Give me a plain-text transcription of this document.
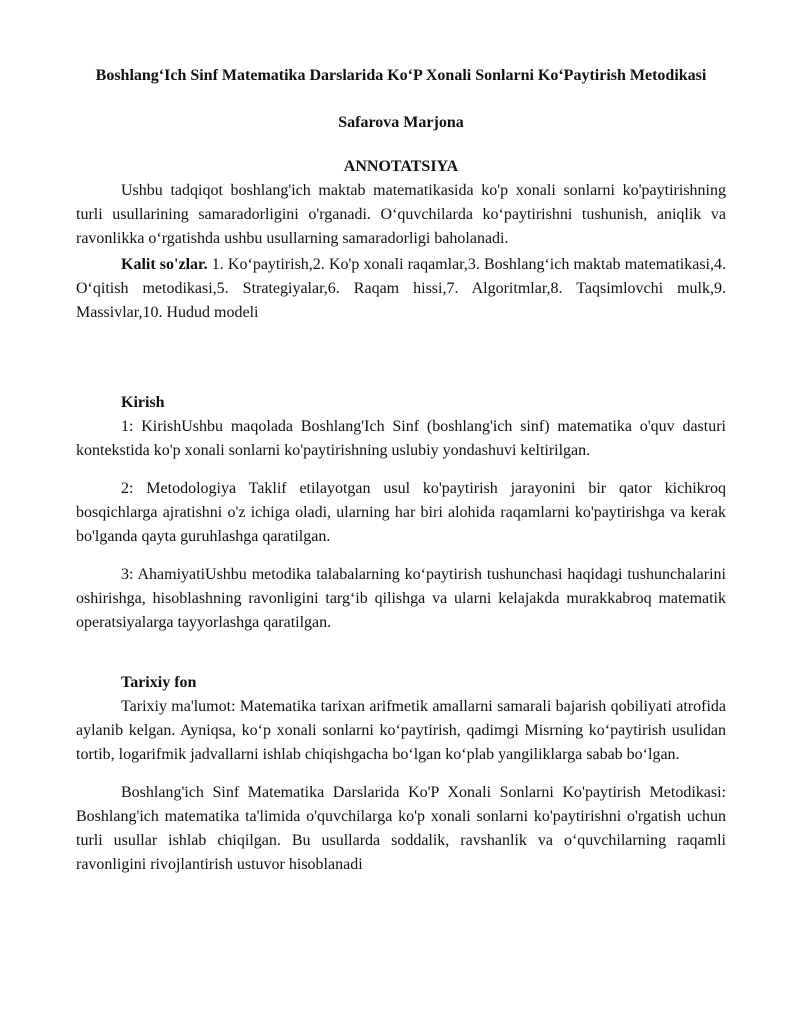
Boshlang‘Ich Sinf Matematika Darslarida Ko‘P Xonali Sonlarni Ko‘Paytirish Metodikasi
Safarova Marjona
ANNOTATSIYA

Ushbu tadqiqot boshlang'ich maktab matematikasida ko'p xonali sonlarni ko'paytirishning turli usullarining samaradorligini o'rganadi. O‘quvchilarda ko‘paytirishni tushunish, aniqlik va ravonlikka o‘rgatishda ushbu usullarning samaradorligi baholanadi.

Kalit so'zlar. 1. Ko‘paytirish,2. Ko'p xonali raqamlar,3. Boshlang‘ich maktab matematikasi,4. O‘qitish metodikasi,5. Strategiyalar,6. Raqam hissi,7. Algoritmlar,8. Taqsimlovchi mulk,9. Massivlar,10. Hudud modeli

Kirish

1: KirishUshbu maqolada Boshlang'Ich Sinf (boshlang'ich sinf) matematika o'quv dasturi kontekstida ko'p xonali sonlarni ko'paytirishning uslubiy yondashuvi keltirilgan.

2: Metodologiya Taklif etilayotgan usul ko'paytirish jarayonini bir qator kichikroq bosqichlarga ajratishni o'z ichiga oladi, ularning har biri alohida raqamlarni ko'paytirishga va kerak bo'lganda qayta guruhlashga qaratilgan.

3: AhamiyatiUshbu metodika talabalarning ko‘paytirish tushunchasi haqidagi tushunchalarini oshirishga, hisoblashning ravonligini targ‘ib qilishga va ularni kelajakda murakkabroq matematik operatsiyalarga tayyorlashga qaratilgan.

Tarixiy fon

Tarixiy ma'lumot: Matematika tarixan arifmetik amallarni samarali bajarish qobiliyati atrofida aylanib kelgan. Ayniqsa, ko‘p xonali sonlarni ko‘paytirish, qadimgi Misrning ko‘paytirish usulidan tortib, logarifmik jadvallarni ishlab chiqishgacha bo‘lgan ko‘plab yangiliklarga sabab bo‘lgan.

Boshlang'ich Sinf Matematika Darslarida Ko'P Xonali Sonlarni Ko'paytirish Metodikasi: Boshlang'ich matematika ta'limida o'quvchilarga ko'p xonali sonlarni ko'paytirishni o'rgatish uchun turli usullar ishlab chiqilgan. Bu usullarda soddalik, ravshanlik va o‘quvchilarning raqamli ravonligini rivojlantirish ustuvor hisoblanadi
